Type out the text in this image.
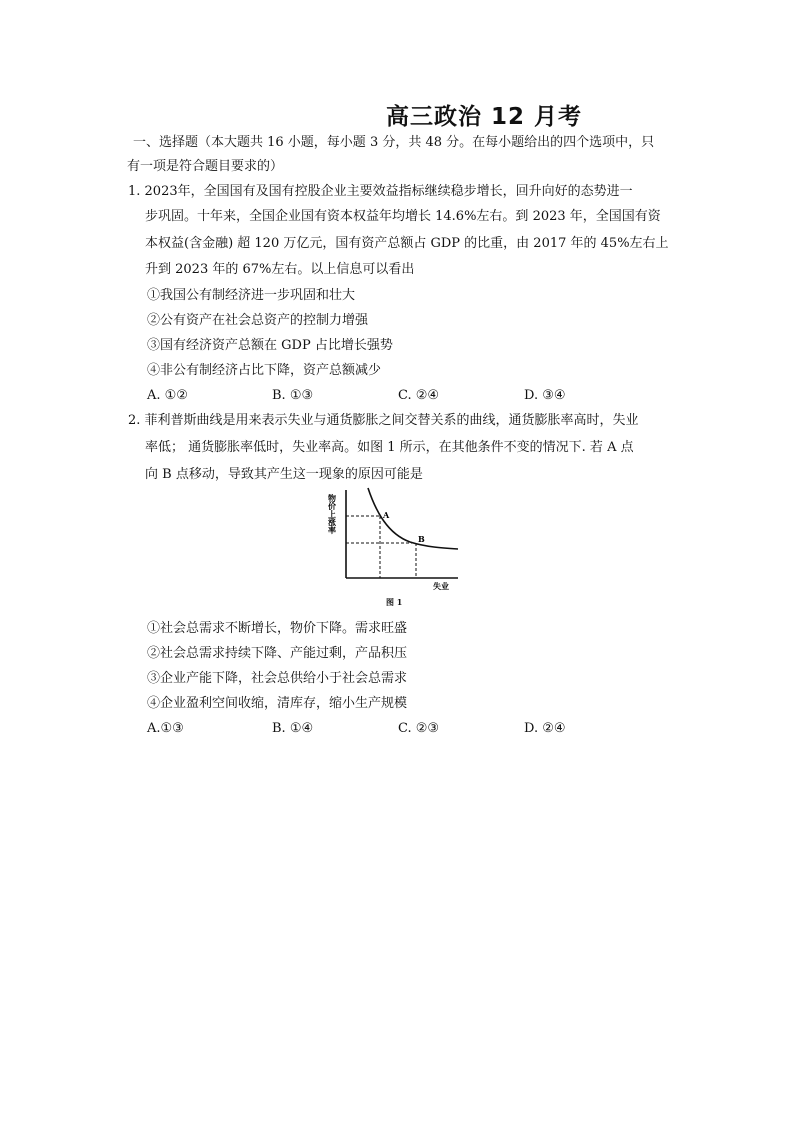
高三政治 12 月考
一、选择题（本大题共 16 小题，每小题 3 分，共 48 分。在每小题给出的四个选项中，只
有一项是符合题目要求的）
1. 2023年，全国国有及国有控股企业主要效益指标继续稳步增长，回升向好的态势进一
步巩固。十年来，全国企业国有资本权益年均增长 14.6%左右。到 2023 年，全国国有资
本权益(含金融) 超 120 万亿元，国有资产总额占 GDP 的比重，由 2017 年的 45%左右上
升到 2023 年的 67%左右。以上信息可以看出
①我国公有制经济进一步巩固和壮大
②公有资产在社会总资产的控制力增强
③国有经济资产总额在 GDP 占比增长强势
④非公有制经济占比下降，资产总额减少
A. ①②	B. ①③	C. ②④	D. ③④
2. 菲利普斯曲线是用来表示失业与通货膨胀之间交替关系的曲线，通货膨胀率高时，失业
率低； 通货膨胀率低时，失业率高。如图 1 所示，在其他条件不变的情况下. 若 A 点
向 B 点移动，导致其产生这一现象的原因可能是
A
B
失业
物价上涨率
图 1
①社会总需求不断增长，物价下降。需求旺盛
②社会总需求持续下降、产能过剩，产品积压
③企业产能下降，社会总供给小于社会总需求
④企业盈利空间收缩，清库存，缩小生产规模
A.①③	B. ①④	C. ②③	D. ②④
